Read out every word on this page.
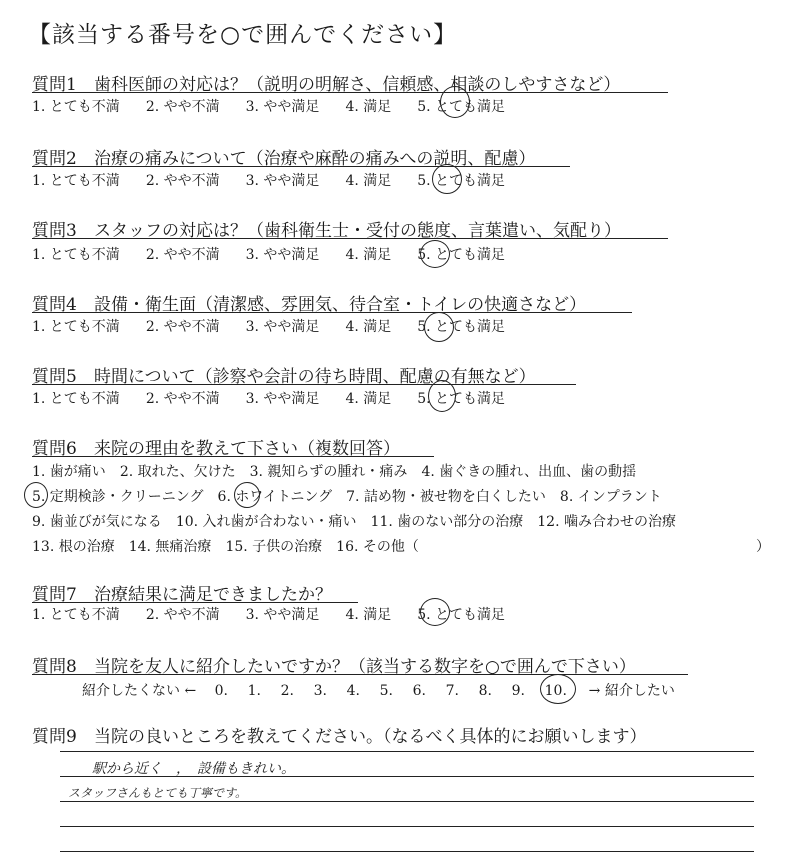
【該当する番号を○で囲んでください】
質問1 歯科医師の対応は？（説明の明解さ、信頼感、相談のしやすさなど）
1. とても不満 2. やや不満 3. やや満足 4. 満足 5. とても満足
質問2 治療の痛みについて（治療や麻酔の痛みへの説明、配慮）
1. とても不満 2. やや不満 3. やや満足 4. 満足 5. とても満足
質問3 スタッフの対応は？（歯科衛生士・受付の態度、言葉遣い、気配り）
1. とても不満 2. やや不満 3. やや満足 4. 満足 5. とても満足
質問4 設備・衛生面（清潔感、雰囲気、待合室・トイレの快適さなど）
1. とても不満 2. やや不満 3. やや満足 4. 満足 5. とても満足
質問5 時間について（診察や会計の待ち時間、配慮の有無など）
1. とても不満 2. やや不満 3. やや満足 4. 満足 5. とても満足
質問6 来院の理由を教えて下さい（複数回答）
1. 歯が痛い 2. 取れた、欠けた 3. 親知らずの腫れ・痛み 4. 歯ぐきの腫れ、出血、歯の動揺
5. 定期検診・クリーニング 6. ホワイトニング 7. 詰め物・被せ物を白くしたい 8. インプラント
9. 歯並びが気になる 10. 入れ歯が合わない・痛い 11. 歯のない部分の治療 12. 噛み合わせの治療
13. 根の治療 14. 無痛治療 15. 子供の治療 16. その他（	）
質問7 治療結果に満足できましたか？
1. とても不満 2. やや不満 3. やや満足 4. 満足 5. とても満足
質問8 当院を友人に紹介したいですか？（該当する数字を○で囲んで下さい）
紹介したくない ← 0. 1. 2. 3. 4. 5. 6. 7. 8. 9. 10. → 紹介したい
質問9 当院の良いところを教えてください。（なるべく具体的にお願いします）
駅から近く　，　設備もきれい。
スタッフさんもとても丁寧です。
